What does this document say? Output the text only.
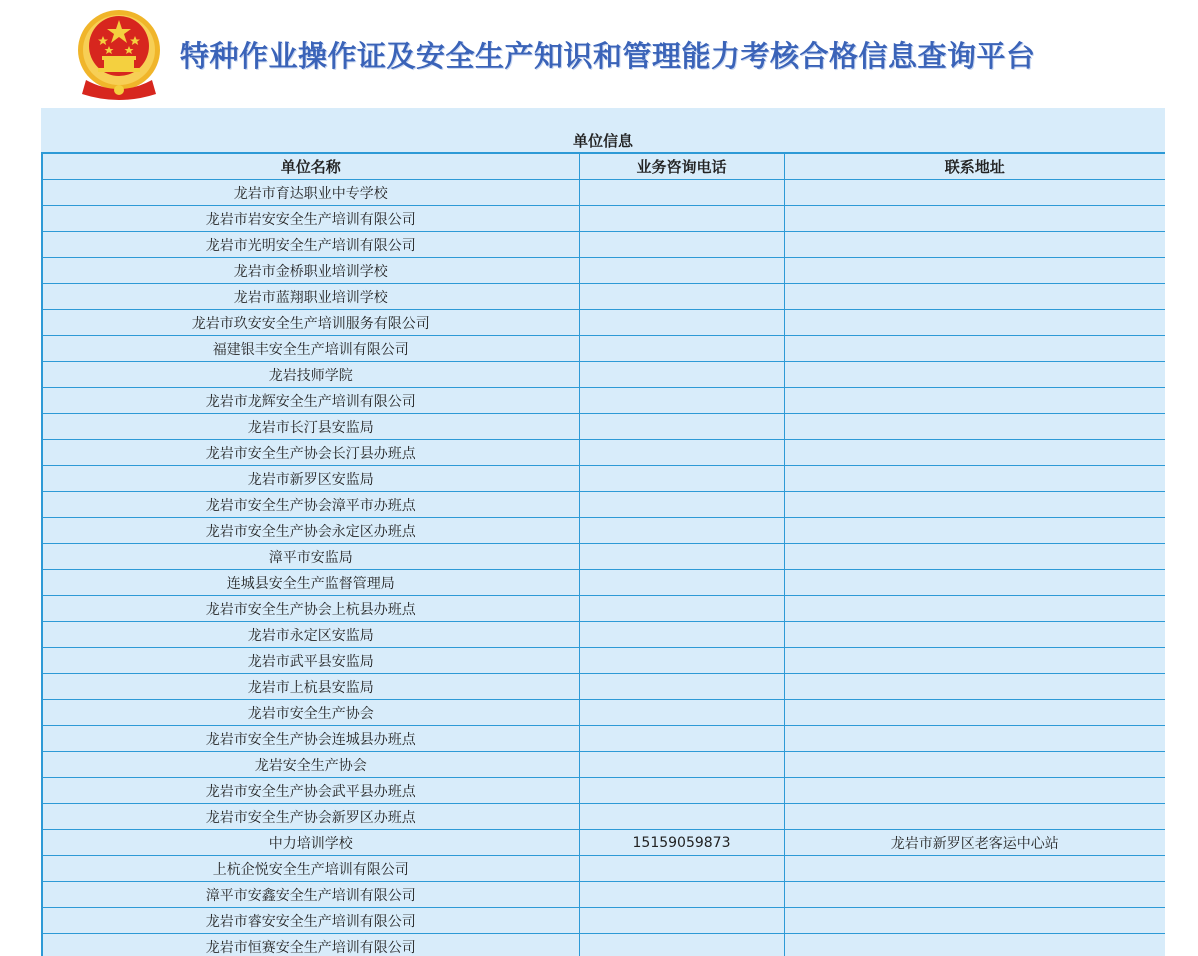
特种作业操作证及安全生产知识和管理能力考核合格信息查询平台
单位信息
单位名称	业务咨询电话	联系地址
龙岩市育达职业中专学校		
龙岩市岩安安全生产培训有限公司		
龙岩市光明安全生产培训有限公司		
龙岩市金桥职业培训学校		
龙岩市蓝翔职业培训学校		
龙岩市玖安安全生产培训服务有限公司		
福建银丰安全生产培训有限公司		
龙岩技师学院		
龙岩市龙辉安全生产培训有限公司		
龙岩市长汀县安监局		
龙岩市安全生产协会长汀县办班点		
龙岩市新罗区安监局		
龙岩市安全生产协会漳平市办班点		
龙岩市安全生产协会永定区办班点		
漳平市安监局		
连城县安全生产监督管理局		
龙岩市安全生产协会上杭县办班点		
龙岩市永定区安监局		
龙岩市武平县安监局		
龙岩市上杭县安监局		
龙岩市安全生产协会		
龙岩市安全生产协会连城县办班点		
龙岩安全生产协会		
龙岩市安全生产协会武平县办班点		
龙岩市安全生产协会新罗区办班点		
中力培训学校	15159059873	龙岩市新罗区老客运中心站
上杭企悦安全生产培训有限公司		
漳平市安鑫安全生产培训有限公司		
龙岩市睿安安全生产培训有限公司		
龙岩市恒赛安全生产培训有限公司		
